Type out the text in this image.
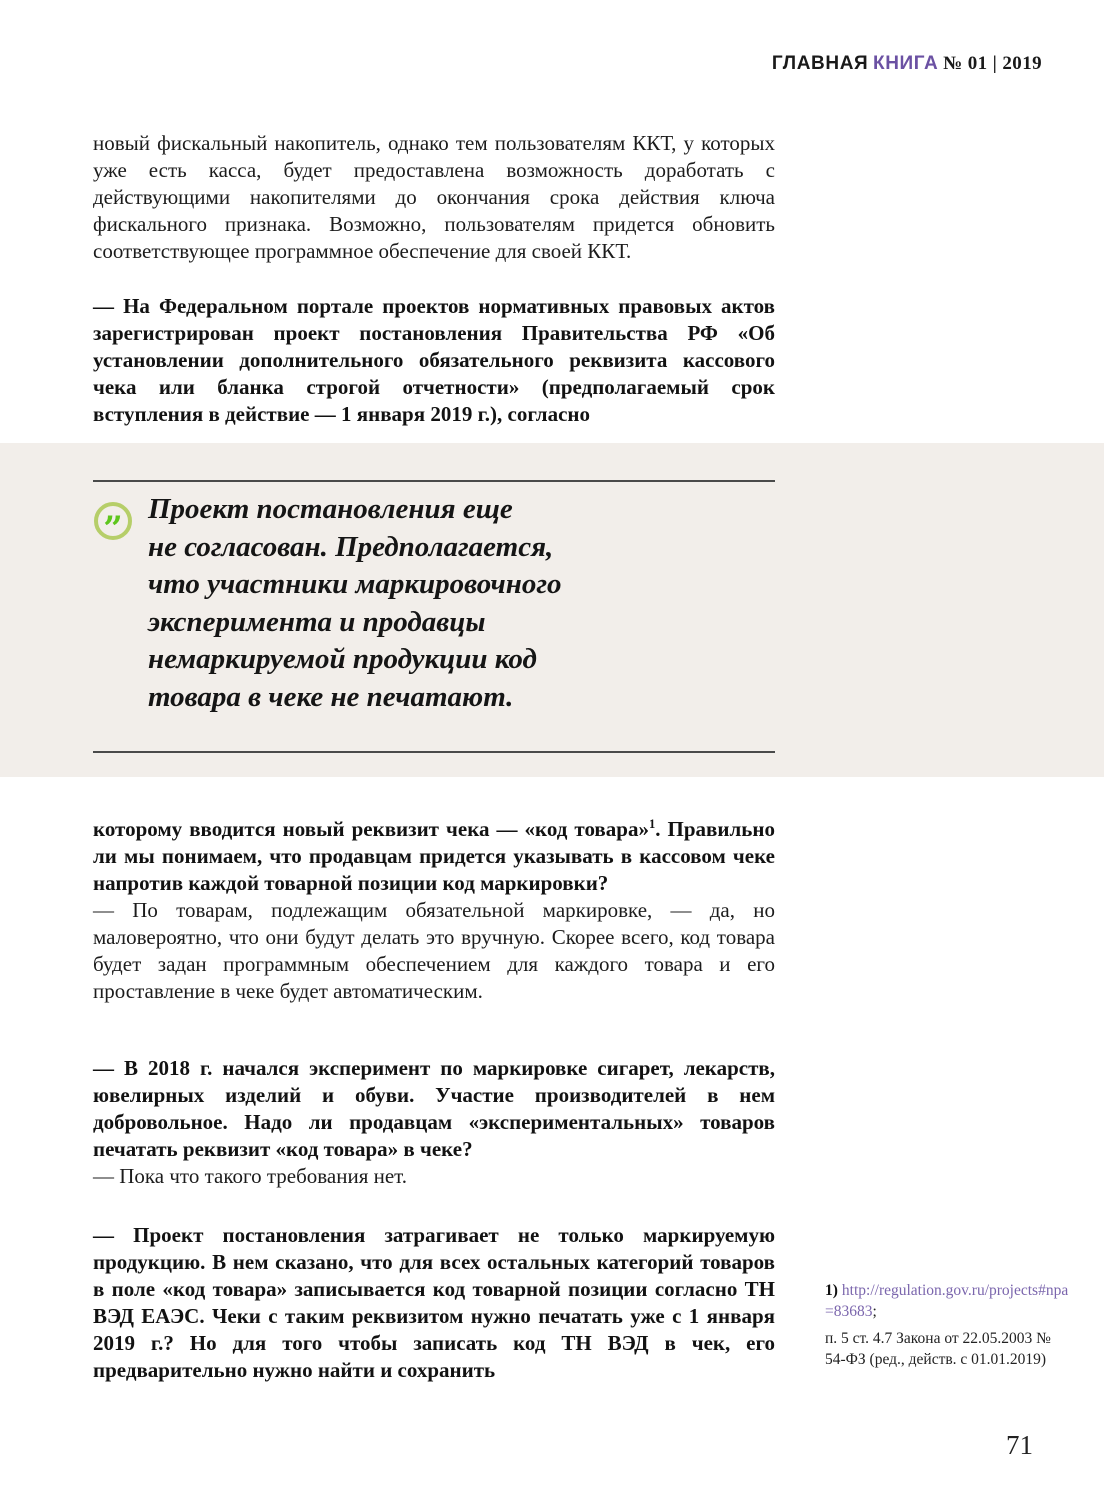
ГЛАВНАЯ КНИГА № 01 | 2019

новый фискальный накопитель, однако тем пользователям ККТ, у которых уже есть касса, будет предоставлена возможность доработать с действующими накопителями до окончания срока действия ключа фискального признака. Возможно, пользователям придется обновить соответствующее программное обеспечение для своей ККТ.

— На Федеральном портале проектов нормативных правовых актов зарегистрирован проект постановления Правительства РФ «Об установлении дополнительного обязательного реквизита кассового чека или бланка строгой отчетности» (предполагаемый срок вступления в действие — 1 января 2019 г.), согласно

” Проект постановления еще
не согласован. Предполагается,
что участники маркировочного
эксперимента и продавцы
немаркируемой продукции код
товара в чеке не печатают.

которому вводится новый реквизит чека — «код товара»$^1$. Правильно ли мы понимаем, что продавцам придется указывать в кассовом чеке напротив каждой товарной позиции код маркировки?

— По товарам, подлежащим обязательной маркировке, — да, но маловероятно, что они будут делать это вручную. Скорее всего, код товара будет задан программным обеспечением для каждого товара и его проставление в чеке будет автоматическим.

— В 2018 г. начался эксперимент по маркировке сигарет, лекарств, ювелирных изделий и обуви. Участие производителей в нем добровольное. Надо ли продавцам «экспериментальных» товаров печатать реквизит «код товара» в чеке?

— Пока что такого требования нет.

— Проект постановления затрагивает не только маркируемую продукцию. В нем сказано, что для всех остальных категорий товаров в поле «код товара» записывается код товарной позиции согласно ТН ВЭД ЕАЭС. Чеки с таким реквизитом нужно печатать уже с 1 января 2019 г.? Но для того чтобы записать код ТН ВЭД в чек, его предварительно нужно найти и сохранить

1) http://regulation.gov.ru/projects#npa=83683;

п. 5 ст. 4.7 Закона от 22.05.2003 № 54-ФЗ (ред., действ. с 01.01.2019)

71
